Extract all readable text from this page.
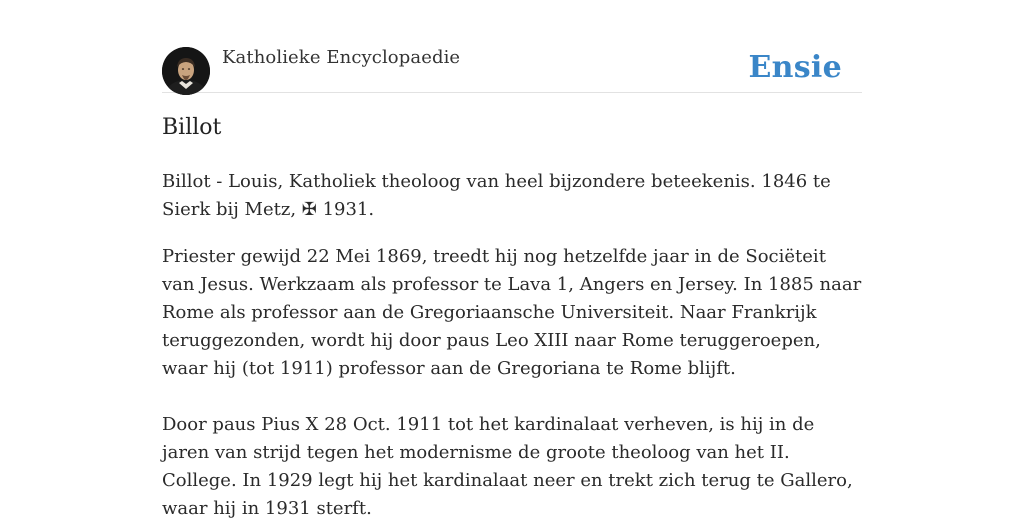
Katholieke Encyclopaedie	Ensie
Billot

Billot - Louis, Katholiek theoloog van heel bijzondere beteekenis. 1846 te Sierk bij Metz, ✠ 1931.

Priester gewijd 22 Mei 1869, treedt hij nog hetzelfde jaar in de Sociëteit van Jesus. Werkzaam als professor te Lava 1, Angers en Jersey. In 1885 naar Rome als professor aan de Gregoriaansche Universiteit. Naar Frankrijk teruggezonden, wordt hij door paus Leo XIII naar Rome teruggeroepen, waar hij (tot 1911) professor aan de Gregoriana te Rome blijft.

Door paus Pius X 28 Oct. 1911 tot het kardinalaat verheven, is hij in de jaren van strijd tegen het modernisme de groote theoloog van het II. College. In 1929 legt hij het kardinalaat neer en trekt zich terug te Gallero, waar hij in 1931 sterft.
